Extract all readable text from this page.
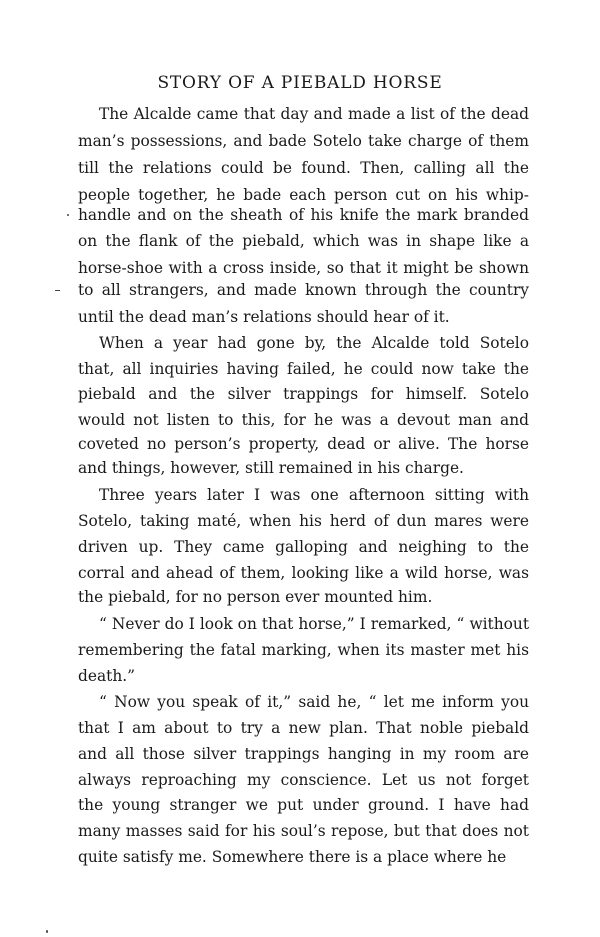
STORY OF A PIEBALD HORSE
The Alcalde came that day and made a list of the dead
man’s possessions, and bade Sotelo take charge of them
till the relations could be found. Then, calling all the
people together, he bade each person cut on his whip-
handle and on the sheath of his knife the mark branded
on the flank of the piebald, which was in shape like a
horse-shoe with a cross inside, so that it might be shown
to all strangers, and made known through the country
until the dead man’s relations should hear of it.
When a year had gone by, the Alcalde told Sotelo
that, all inquiries having failed, he could now take the
piebald and the silver trappings for himself. Sotelo
would not listen to this, for he was a devout man and
coveted no person’s property, dead or alive. The horse
and things, however, still remained in his charge.
Three years later I was one afternoon sitting with
Sotelo, taking maté, when his herd of dun mares were
driven up. They came galloping and neighing to the
corral and ahead of them, looking like a wild horse, was
the piebald, for no person ever mounted him.
“ Never do I look on that horse,” I remarked, “ without
remembering the fatal marking, when its master met his
death.”
“ Now you speak of it,” said he, “ let me inform you
that I am about to try a new plan. That noble piebald
and all those silver trappings hanging in my room are
always reproaching my conscience. Let us not forget
the young stranger we put under ground. I have had
many masses said for his soul’s repose, but that does not
quite satisfy me. Somewhere there is a place where he
